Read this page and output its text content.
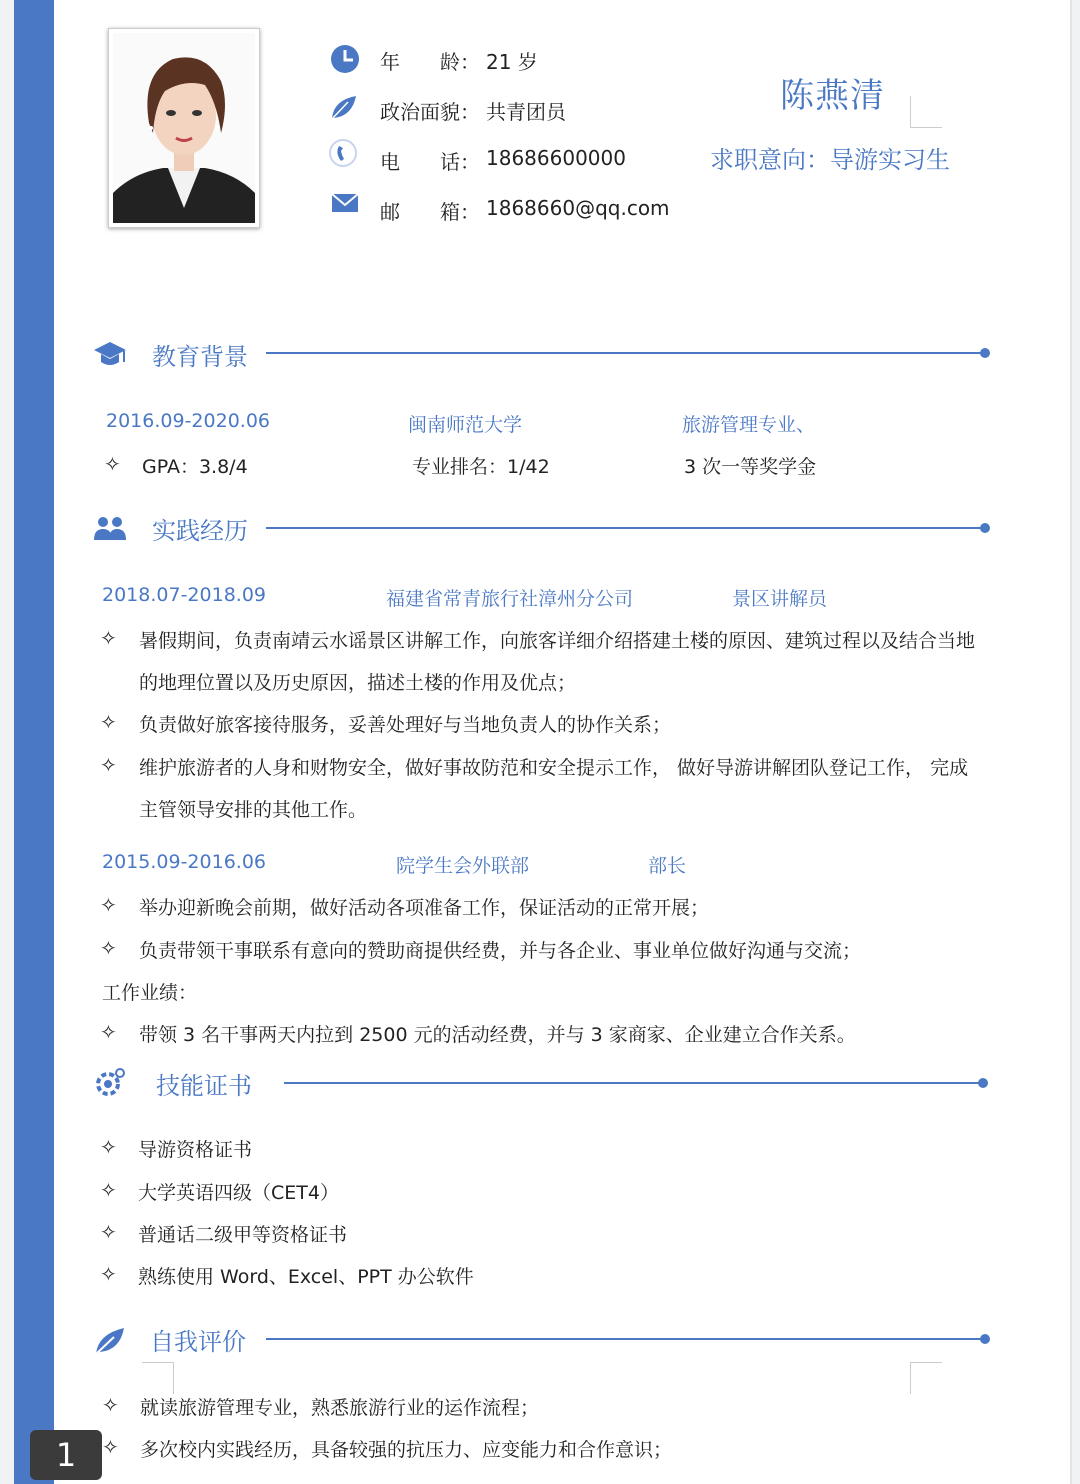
年　　龄： 21 岁
政治面貌： 共青团员
电　　话： 18686600000
邮　　箱： 1868660@qq.com
陈燕清
求职意向：导游实习生
教育背景
2016.09-2020.06	闽南师范大学	旅游管理专业、
✧ GPA：3.8/4	专业排名：1/42	3 次一等奖学金
实践经历
2018.07-2018.09	福建省常青旅行社漳州分公司	景区讲解员
✧ 暑假期间，负责南靖云水谣景区讲解工作，向旅客详细介绍搭建土楼的原因、建筑过程以及结合当地
的地理位置以及历史原因，描述土楼的作用及优点；
✧ 负责做好旅客接待服务，妥善处理好与当地负责人的协作关系；
✧ 维护旅游者的人身和财物安全，做好事故防范和安全提示工作， 做好导游讲解团队登记工作， 完成
主管领导安排的其他工作。
2015.09-2016.06	院学生会外联部	部长
✧ 举办迎新晚会前期，做好活动各项准备工作，保证活动的正常开展；
✧ 负责带领干事联系有意向的赞助商提供经费，并与各企业、事业单位做好沟通与交流；
工作业绩：
✧ 带领 3 名干事两天内拉到 2500 元的活动经费，并与 3 家商家、企业建立合作关系。
技能证书
✧ 导游资格证书
✧ 大学英语四级（CET4）
✧ 普通话二级甲等资格证书
✧ 熟练使用 Word、Excel、PPT 办公软件
自我评价
✧ 就读旅游管理专业，熟悉旅游行业的运作流程；
✧ 多次校内实践经历，具备较强的抗压力、应变能力和合作意识；
1
